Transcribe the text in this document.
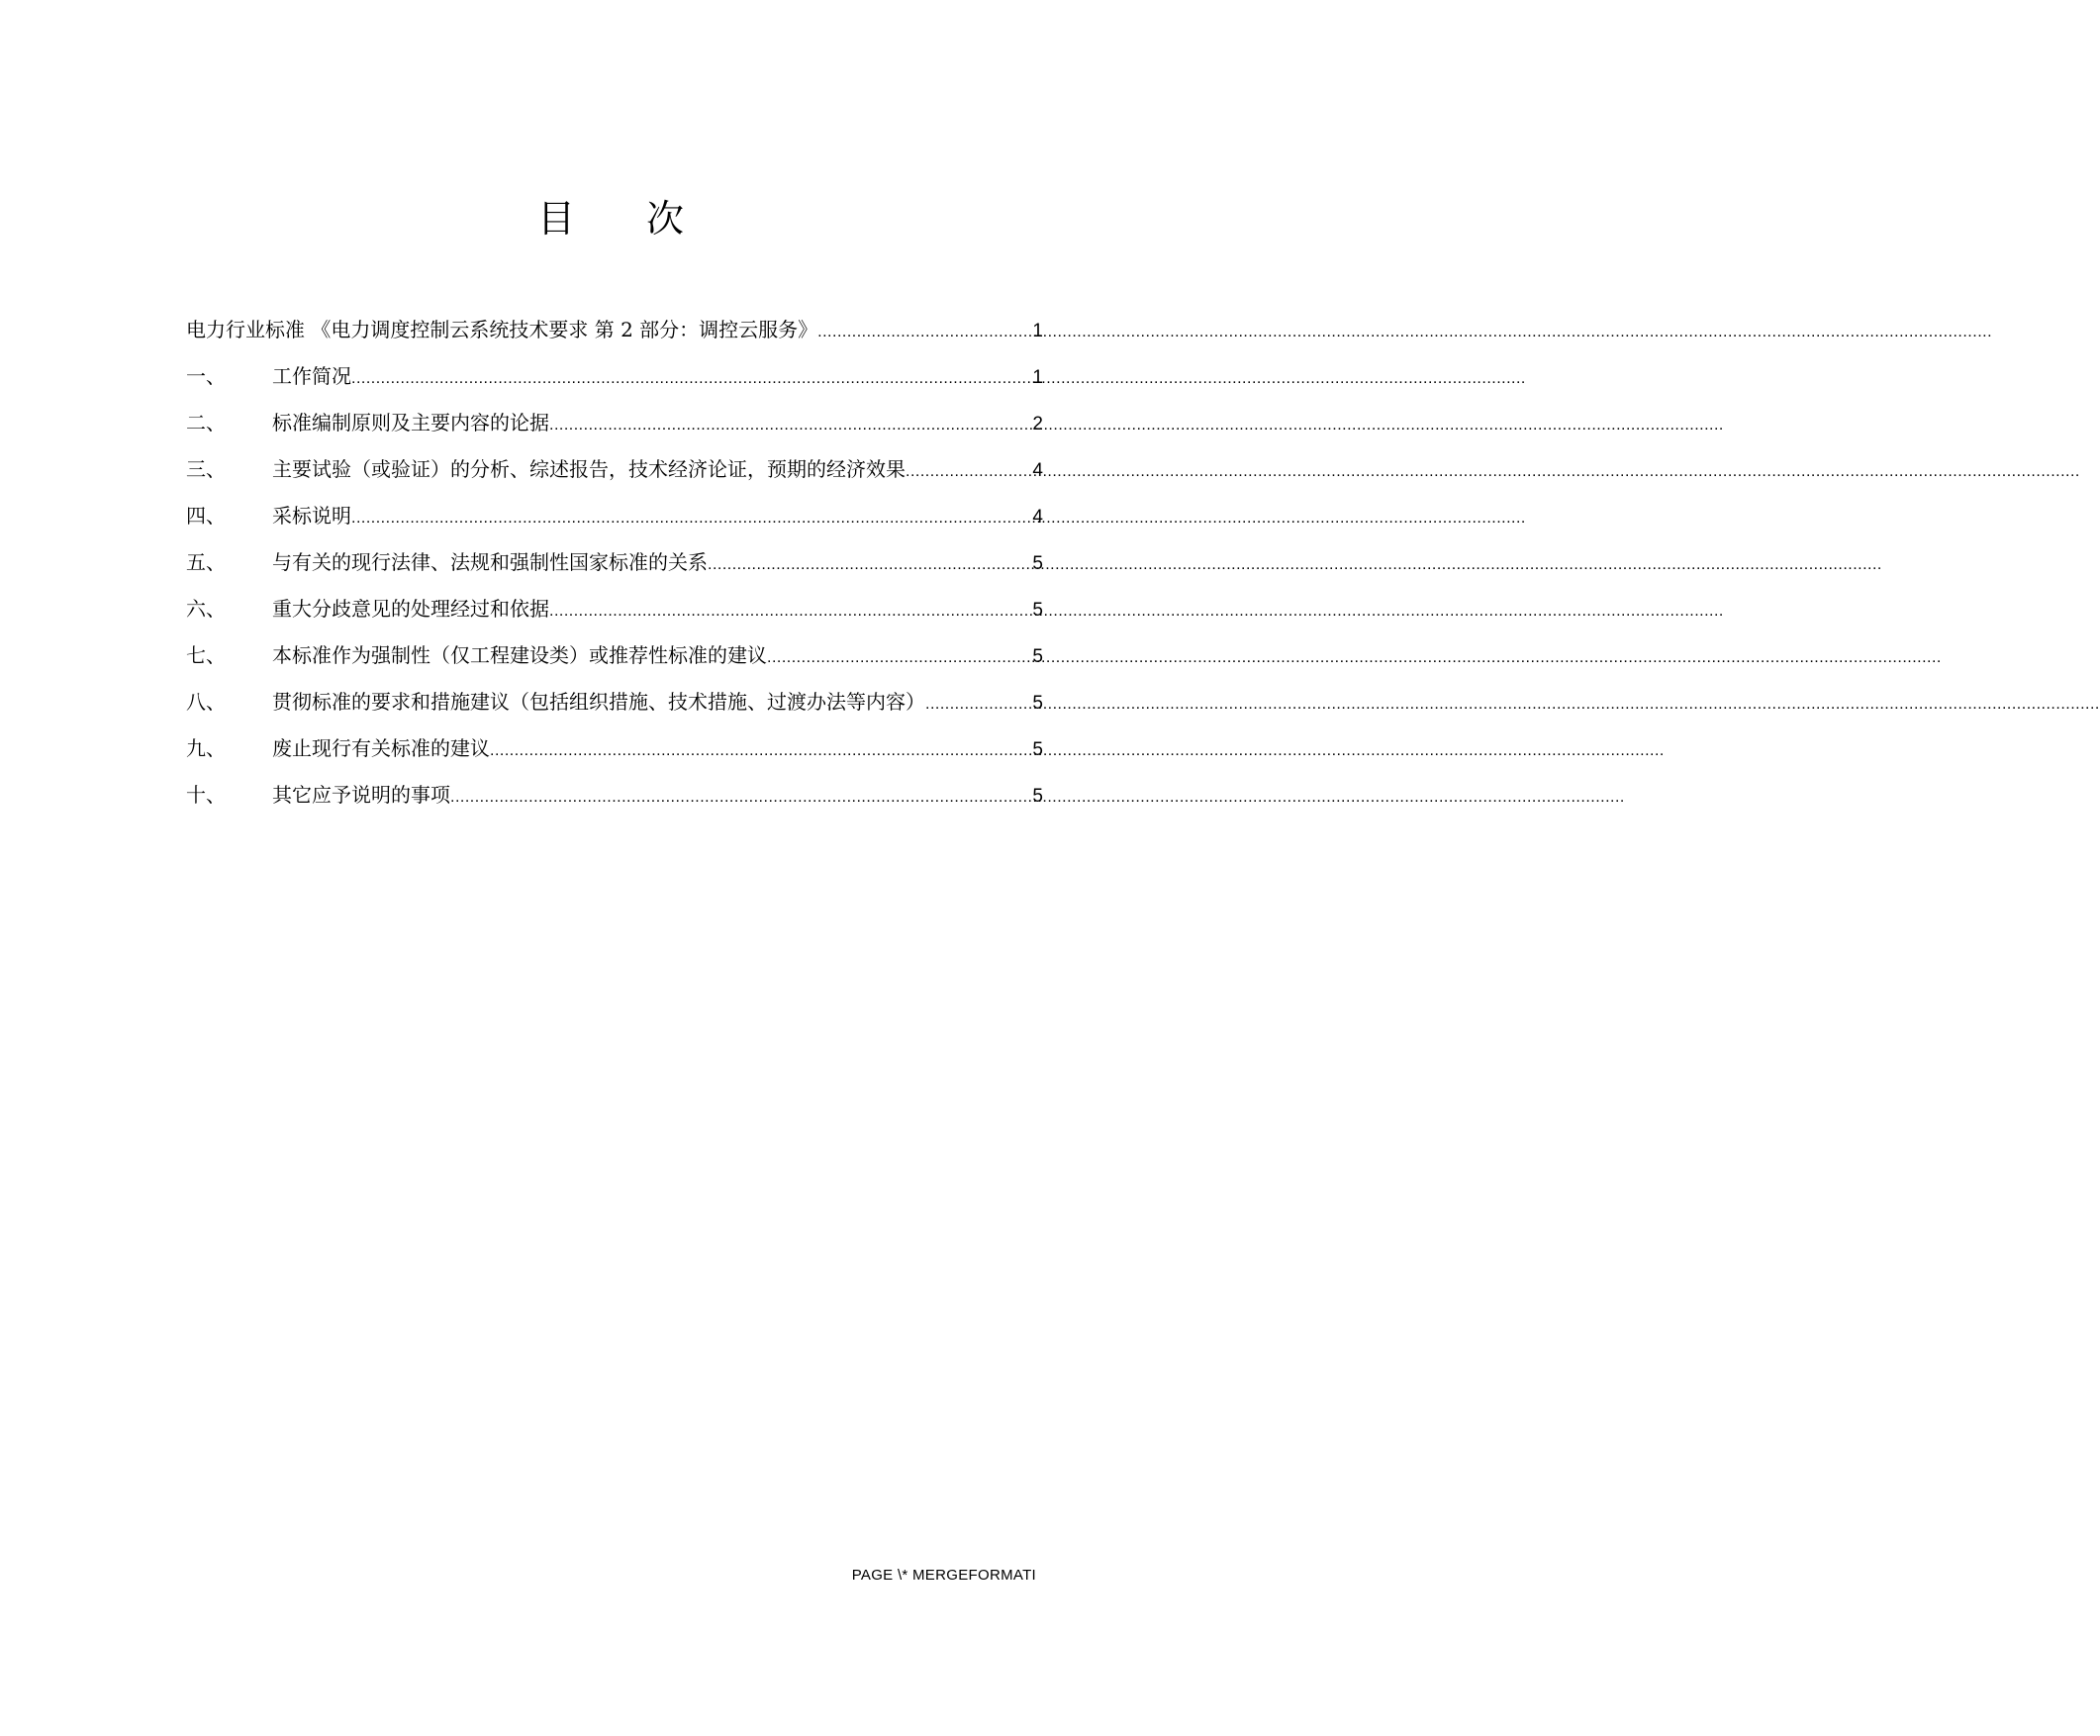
目 次
电力行业标准 《电力调度控制云系统技术要求 第 2 部分：调控云服务》 .....	1
一、	工作简况 .....	1
二、	标准编制原则及主要内容的论据 .....	2
三、	主要试验（或验证）的分析、综述报告，技术经济论证，预期的经济效果 .....	4
四、	采标说明 .....	4
五、	与有关的现行法律、法规和强制性国家标准的关系 .....	5
六、	重大分歧意见的处理经过和依据 .....	5
七、	本标准作为强制性（仅工程建设类）或推荐性标准的建议 .....	5
八、	贯彻标准的要求和措施建议（包括组织措施、技术措施、过渡办法等内容） .....	5
九、	废止现行有关标准的建议 .....	5
十、	其它应予说明的事项 .....	5
PAGE \* MERGEFORMATI
